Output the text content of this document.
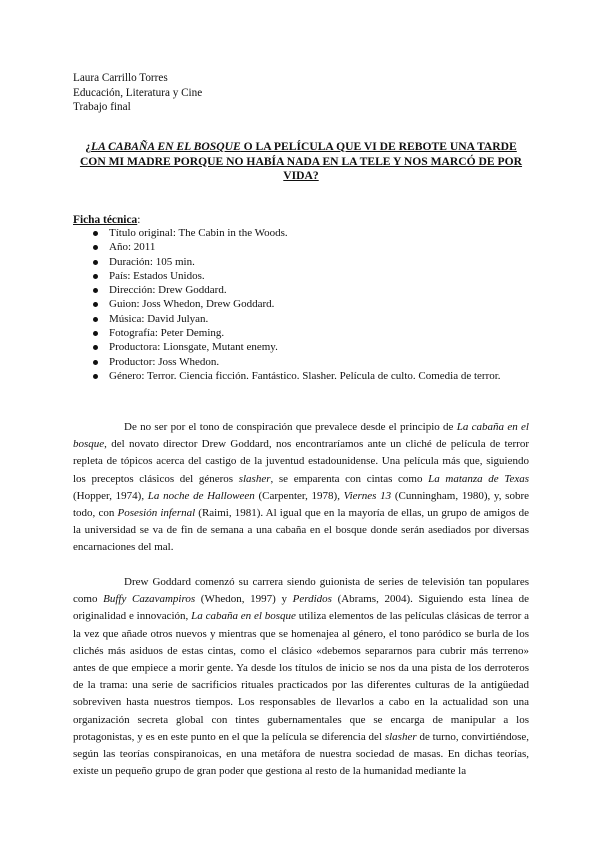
Laura Carrillo Torres
Educación, Literatura y Cine
Trabajo final
¿LA CABAÑA EN EL BOSQUE O LA PELÍCULA QUE VI DE REBOTE UNA TARDE CON MI MADRE PORQUE NO HABÍA NADA EN LA TELE Y NOS MARCÓ DE POR VIDA?
Ficha técnica:
Título original: The Cabin in the Woods.
Año: 2011
Duración: 105 min.
País: Estados Unidos.
Dirección: Drew Goddard.
Guion: Joss Whedon, Drew Goddard.
Música: David Julyan.
Fotografía: Peter Deming.
Productora: Lionsgate, Mutant enemy.
Productor: Joss Whedon.
Género: Terror. Ciencia ficción. Fantástico. Slasher. Película de culto. Comedia de terror.

De no ser por el tono de conspiración que prevalece desde el principio de La cabaña en el bosque, del novato director Drew Goddard, nos encontraríamos ante un cliché de película de terror repleta de tópicos acerca del castigo de la juventud estadounidense. Una película más que, siguiendo los preceptos clásicos del géneros slasher, se emparenta con cintas como La matanza de Texas (Hopper, 1974), La noche de Halloween (Carpenter, 1978), Viernes 13 (Cunningham, 1980), y, sobre todo, con Posesión infernal (Raimi, 1981). Al igual que en la mayoría de ellas, un grupo de amigos de la universidad se va de fin de semana a una cabaña en el bosque donde serán asediados por diversas encarnaciones del mal.

Drew Goddard comenzó su carrera siendo guionista de series de televisión tan populares como Buffy Cazavampiros (Whedon, 1997) y Perdidos (Abrams, 2004). Siguiendo esta línea de originalidad e innovación, La cabaña en el bosque utiliza elementos de las películas clásicas de terror a la vez que añade otros nuevos y mientras que se homenajea al género, el tono paródico se burla de los clichés más asiduos de estas cintas, como el clásico «debemos separarnos para cubrir más terreno» antes de que empiece a morir gente. Ya desde los títulos de inicio se nos da una pista de los derroteros de la trama: una serie de sacrificios rituales practicados por las diferentes culturas de la antigüedad sobreviven hasta nuestros tiempos. Los responsables de llevarlos a cabo en la actualidad son una organización secreta global con tintes gubernamentales que se encarga de manipular a los protagonistas, y es en este punto en el que la película se diferencia del slasher de turno, convirtiéndose, según las teorías conspiranoicas, en una metáfora de nuestra sociedad de masas. En dichas teorías, existe un pequeño grupo de gran poder que gestiona al resto de la humanidad mediante la
